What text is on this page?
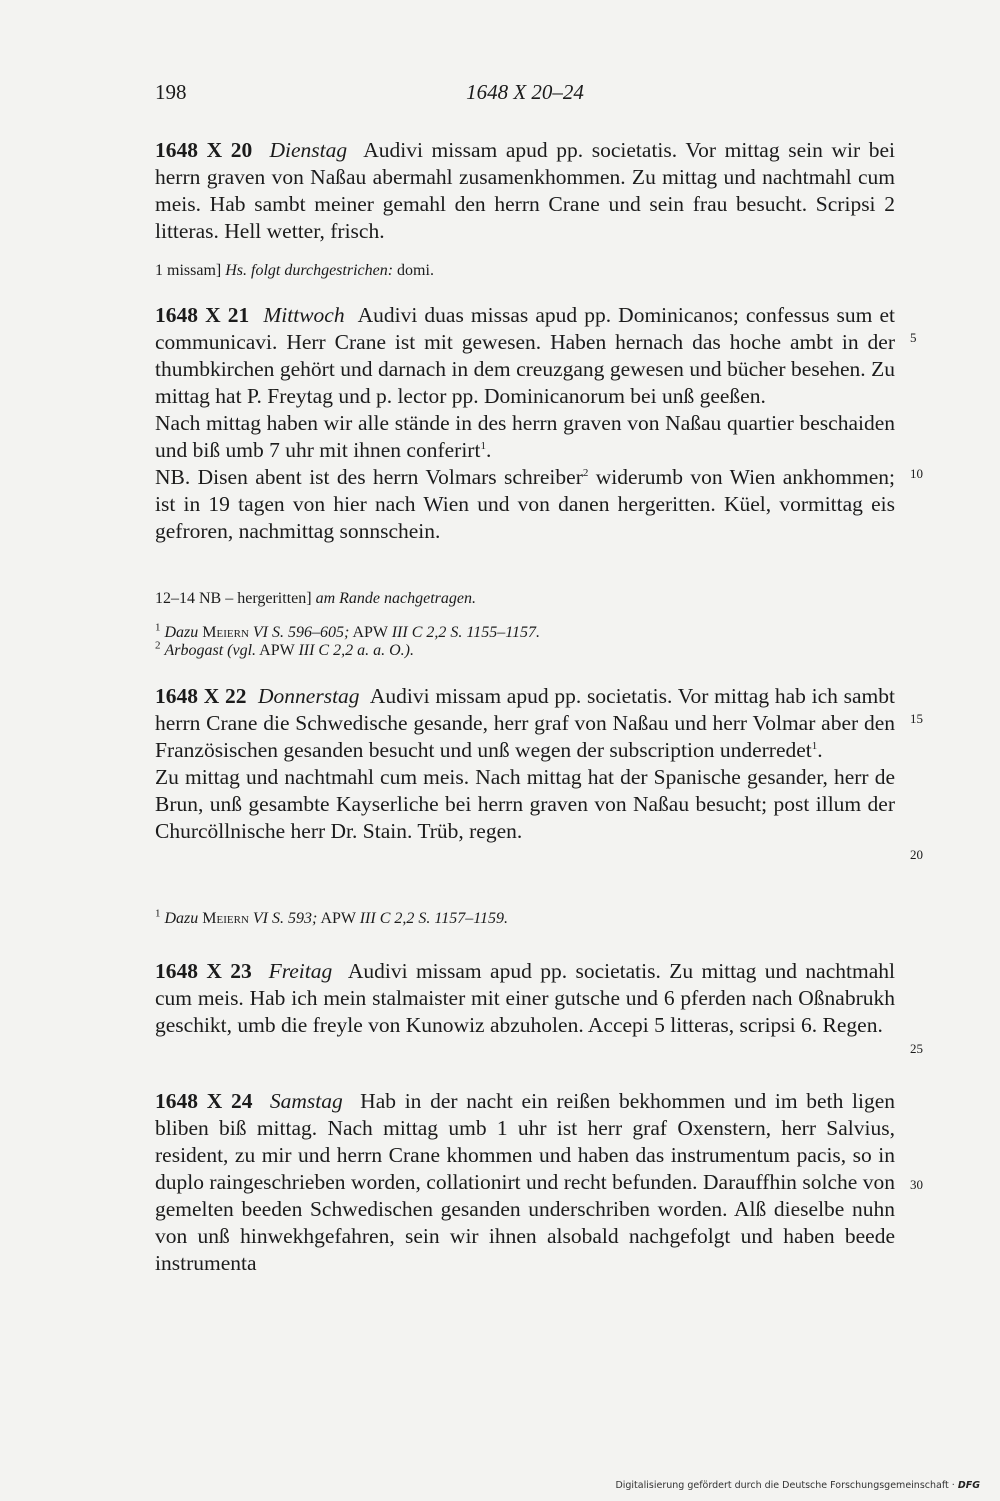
198	1648 X 20–24

1648 X 20 Dienstag Audivi missam apud pp. societatis. Vor mittag sein wir bei herrn graven von Naßau abermahl zusamenkhommen. Zu mittag und nachtmahl cum meis. Hab sambt meiner gemahl den herrn Crane und sein frau besucht. Scripsi 2 litteras. Hell wetter, frisch.

1 missam] Hs. folgt durchgestrichen: domi.

1648 X 21 Mittwoch Audivi duas missas apud pp. Dominicanos; confessus sum et communicavi. Herr Crane ist mit gewesen. Haben hernach das hoche ambt in der thumbkirchen gehört und darnach in dem creuzgang gewesen und bücher besehen. Zu mittag hat P. Freytag und p. lector pp. Dominicanorum bei unß geeßen.

Nach mittag haben wir alle stände in des herrn graven von Naßau quartier beschaiden und biß umb 7 uhr mit ihnen conferirt$^1$.

NB. Disen abent ist des herrn Volmars schreiber$^2$ widerumb von Wien ankhommen; ist in 19 tagen von hier nach Wien und von danen hergeritten. Küel, vormittag eis gefroren, nachmittag sonnschein.

12–14 NB – hergeritten] am Rande nachgetragen.
$^1$ Dazu Meiern VI S. 596–605; APW III C 2,2 S. 1155–1157.
$^2$ Arbogast (vgl. APW III C 2,2 a. a. O.).

1648 X 22 Donnerstag Audivi missam apud pp. societatis. Vor mittag hab ich sambt herrn Crane die Schwedische gesande, herr graf von Naßau und herr Volmar aber den Französischen gesanden besucht und unß wegen der subscription underredet$^1$.

Zu mittag und nachtmahl cum meis. Nach mittag hat der Spanische gesander, herr de Brun, unß gesambte Kayserliche bei herrn graven von Naßau besucht; post illum der Churcöllnische herr Dr. Stain. Trüb, regen.

$^1$ Dazu Meiern VI S. 593; APW III C 2,2 S. 1157–1159.

1648 X 23 Freitag Audivi missam apud pp. societatis. Zu mittag und nachtmahl cum meis. Hab ich mein stalmaister mit einer gutsche und 6 pferden nach Oßnabrukh geschikt, umb die freyle von Kunowiz abzuholen. Accepi 5 litteras, scripsi 6. Regen.

1648 X 24 Samstag Hab in der nacht ein reißen bekhommen und im beth ligen bliben biß mittag. Nach mittag umb 1 uhr ist herr graf Oxenstern, herr Salvius, resident, zu mir und herrn Crane khommen und haben das instrumentum pacis, so in duplo raingeschrieben worden, collationirt und recht befunden. Darauffhin solche von gemelten beeden Schwedischen gesanden underschriben worden. Alß dieselbe nuhn von unß hinwekhgefahren, sein wir ihnen alsobald nachgefolgt und haben beede instrumenta

5
10
15
20
25
30
Digitalisierung gefördert durch die Deutsche Forschungsgemeinschaft · DFG
